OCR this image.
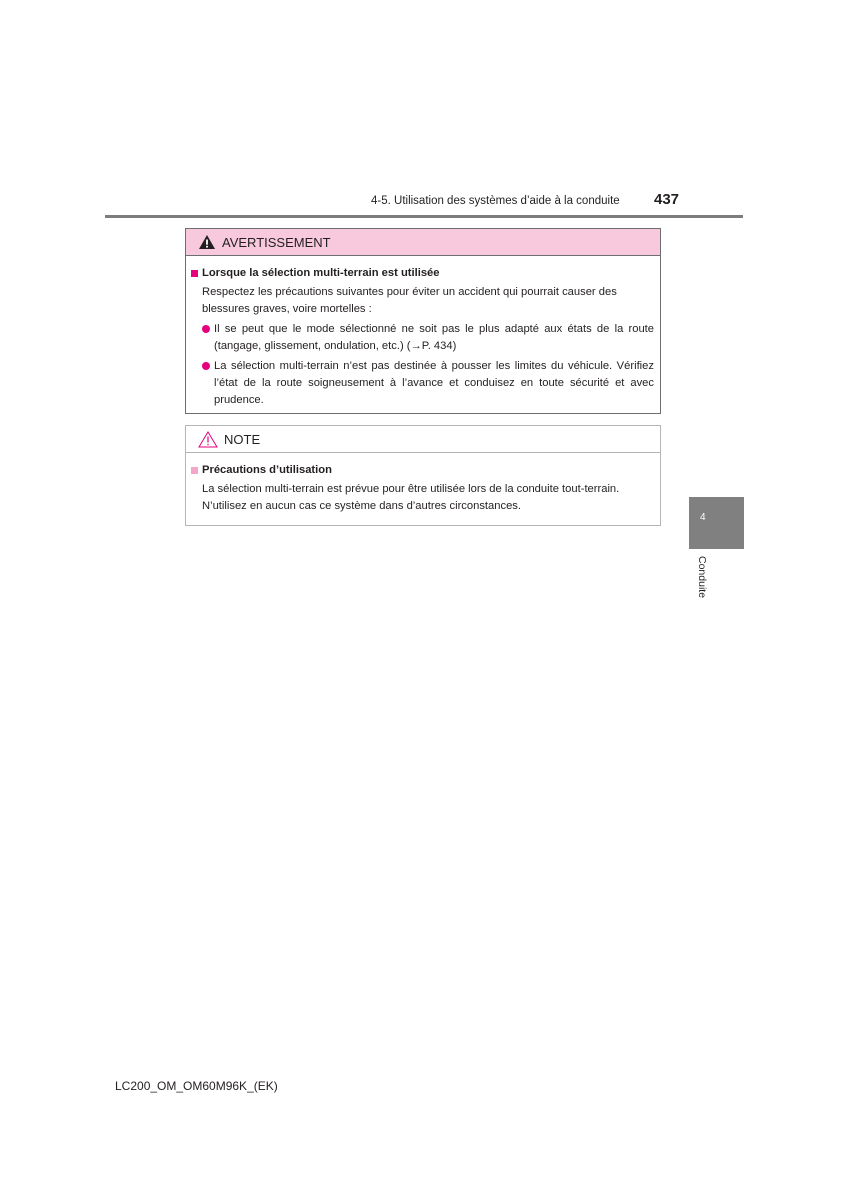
4-5. Utilisation des systèmes d’aide à la conduite 437
AVERTISSEMENT
Lorsque la sélection multi-terrain est utilisée
Respectez les précautions suivantes pour éviter un accident qui pourrait causer des blessures graves, voire mortelles :
Il se peut que le mode sélectionné ne soit pas le plus adapté aux états de la route (tangage, glissement, ondulation, etc.) (→P. 434)
La sélection multi-terrain n’est pas destinée à pousser les limites du véhicule. Vérifiez l’état de la route soigneusement à l’avance et conduisez en toute sécurité et avec prudence.
NOTE
Précautions d’utilisation
La sélection multi-terrain est prévue pour être utilisée lors de la conduite tout-terrain. N’utilisez en aucun cas ce système dans d’autres circonstances.
4
Conduite
LC200_OM_OM60M96K_(EK)
